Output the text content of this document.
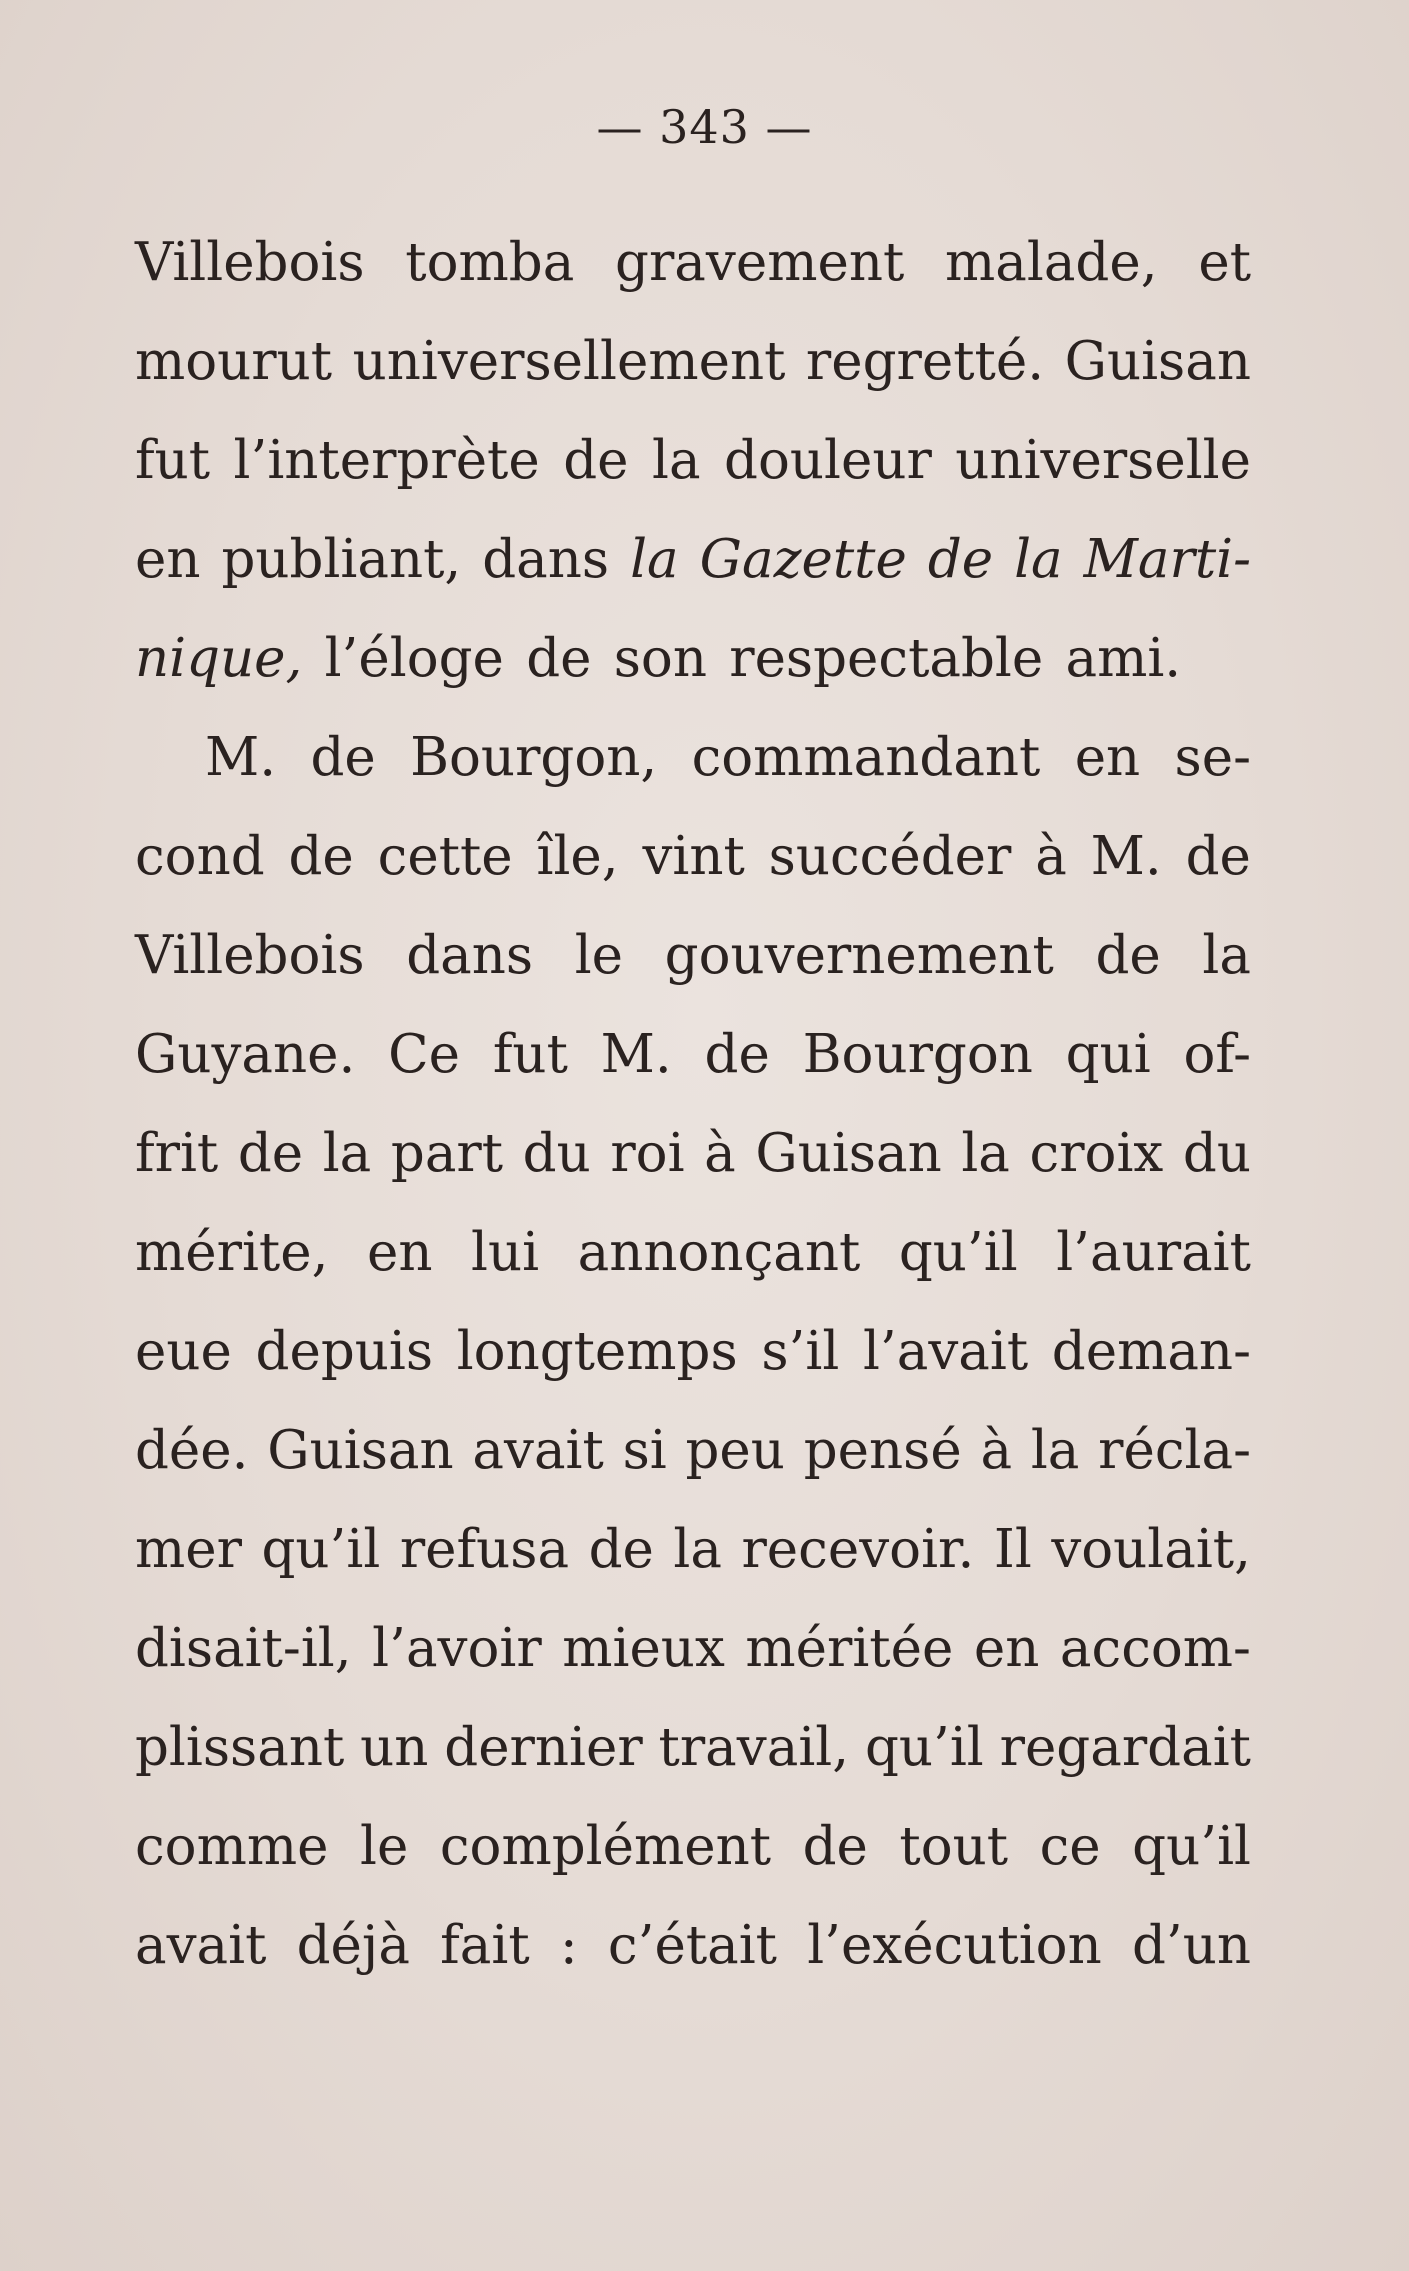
— 343 —
Villebois tomba gravement malade, et
mourut universellement regretté. Guisan
fut l’interprète de la douleur universelle
en publiant, dans la Gazette de la Marti-
nique, l’éloge de son respectable ami.
M. de Bourgon, commandant en se-
cond de cette île, vint succéder à M. de
Villebois dans le gouvernement de la
Guyane. Ce fut M. de Bourgon qui of-
frit de la part du roi à Guisan la croix du
mérite, en lui annonçant qu’il l’aurait
eue depuis longtemps s’il l’avait deman-
dée. Guisan avait si peu pensé à la récla-
mer qu’il refusa de la recevoir. Il voulait,
disait-il, l’avoir mieux méritée en accom-
plissant un dernier travail, qu’il regardait
comme le complément de tout ce qu’il
avait déjà fait : c’était l’exécution d’un
